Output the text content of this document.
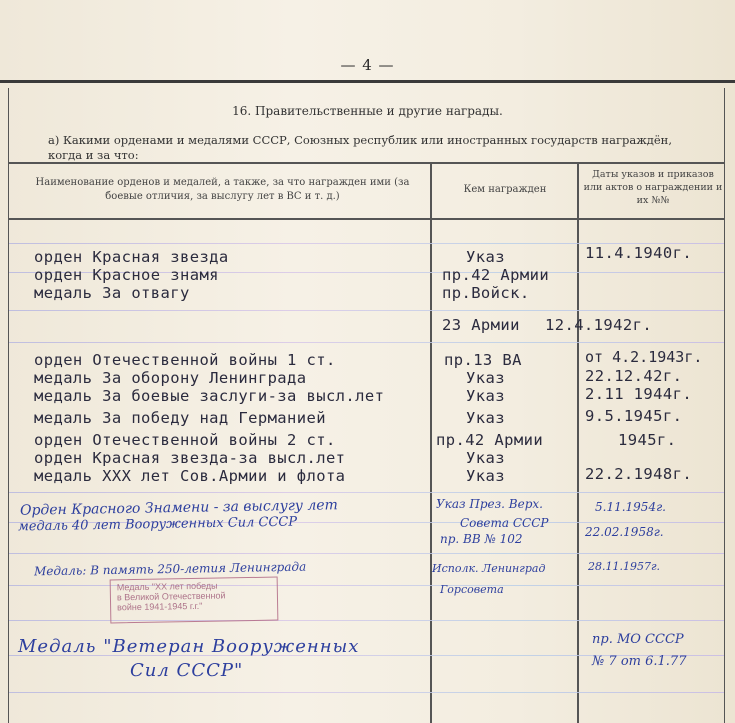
— 4 —
16. Правительственные и другие награды.
а) Какими орденами и медалями СССР, Союзных республик или иностранных государств награждён, когда и за что:
Наименование орденов и медалей, а также, за что награжден ими (за боевые отличия, за выслугу лет в ВС и т. д.)
Кем награжден
Даты указов и приказов или актов о награждении и их №№
орден Красная звезда
орден Красное знамя
медаль За отвагу
орден Отечественной войны 1 ст.
медаль За оборону Ленинграда
медаль За боевые заслуги-за высл.лет
медаль За победу над Германией
орден Отечественной войны 2 ст.
орден Красная звезда-за высл.лет
медаль XXX лет Сов.Армии и флота
Указ
пр.42 Армии
пр.Войск.
23 Армии
пр.13 ВА
Указ
Указ
Указ
пр.42 Армии
Указ
Указ
11.4.1940г.
12.4.1942г.
от 4.2.1943г.
22.12.42г.
2.11 1944г.
9.5.1945г.
1945г.
22.2.1948г.
Орден Красного Знамени - за выслугу лет
медаль 40 лет Вооруженных Сил СССР
Указ През. Верх.
Совета СССР
пр. ВВ № 102
5.11.1954г.
22.02.1958г.
Медаль: В память 250-летия Ленинграда	Исполк. Ленинград
Горсовета
28.11.1957г.
Медаль "Ветеран Вооруженных
Сил СССР"
пр. МО СССР
№ 7 от 6.1.77
Медаль "XX лет победы
в Великой Отечественной
войне 1941-1945 г.г."
